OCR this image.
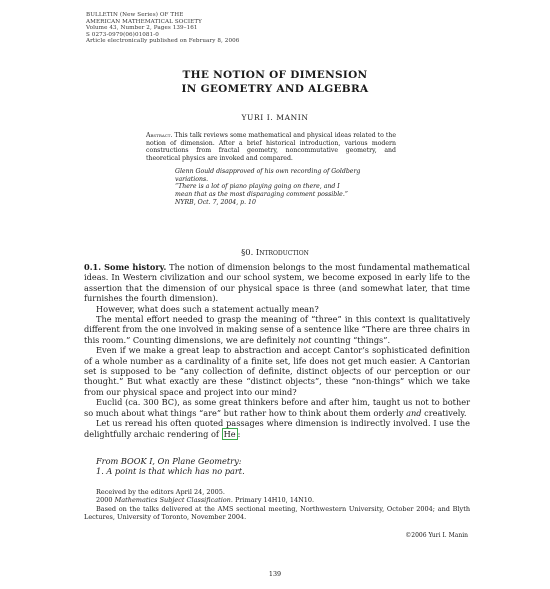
BULLETIN (New Series) OF THE
AMERICAN MATHEMATICAL SOCIETY
Volume 43, Number 2, Pages 139–161
S 0273-0979(06)01081-0
Article electronically published on February 8, 2006
THE NOTION OF DIMENSION
IN GEOMETRY AND ALGEBRA
YURI I. MANIN
Abstract. This talk reviews some mathematical and physical ideas related to the notion of dimension. After a brief historical introduction, various modern constructions from fractal geometry, noncommutative geometry, and theoretical physics are invoked and compared.
Glenn Gould disapproved of his own recording of Goldberg
variations.
“There is a lot of piano playing going on there, and I
mean that as the most disparaging comment possible.”
NYRB, Oct. 7, 2004, p. 10
§0. Introduction

0.1. Some history. The notion of dimension belongs to the most fundamental mathematical ideas. In Western civilization and our school system, we become exposed in early life to the assertion that the dimension of our physical space is three (and somewhat later, that time furnishes the fourth dimension).

However, what does such a statement actually mean?

The mental effort needed to grasp the meaning of “three” in this context is qualitatively different from the one involved in making sense of a sentence like “There are three chairs in this room.” Counting dimensions, we are definitely not counting “things”.

Even if we make a great leap to abstraction and accept Cantor’s sophisticated definition of a whole number as a cardinality of a finite set, life does not get much easier. A Cantorian set is supposed to be “any collection of definite, distinct objects of our perception or our thought.” But what exactly are these “distinct objects”, these “non-things” which we take from our physical space and project into our mind?

Euclid (ca. 300 BC), as some great thinkers before and after him, taught us not to bother so much about what things “are” but rather how to think about them orderly and creatively.

Let us reread his often quoted passages where dimension is indirectly involved. I use the delightfully archaic rendering of He :

From BOOK I, On Plane Geometry:
1. A point is that which has no part.

Received by the editors April 24, 2005.

2000 Mathematics Subject Classification. Primary 14H10, 14N10.

Based on the talks delivered at the AMS sectional meeting, Northwestern University, October 2004; and Blyth Lectures, University of Toronto, November 2004.

©2006 Yuri I. Manin
139
